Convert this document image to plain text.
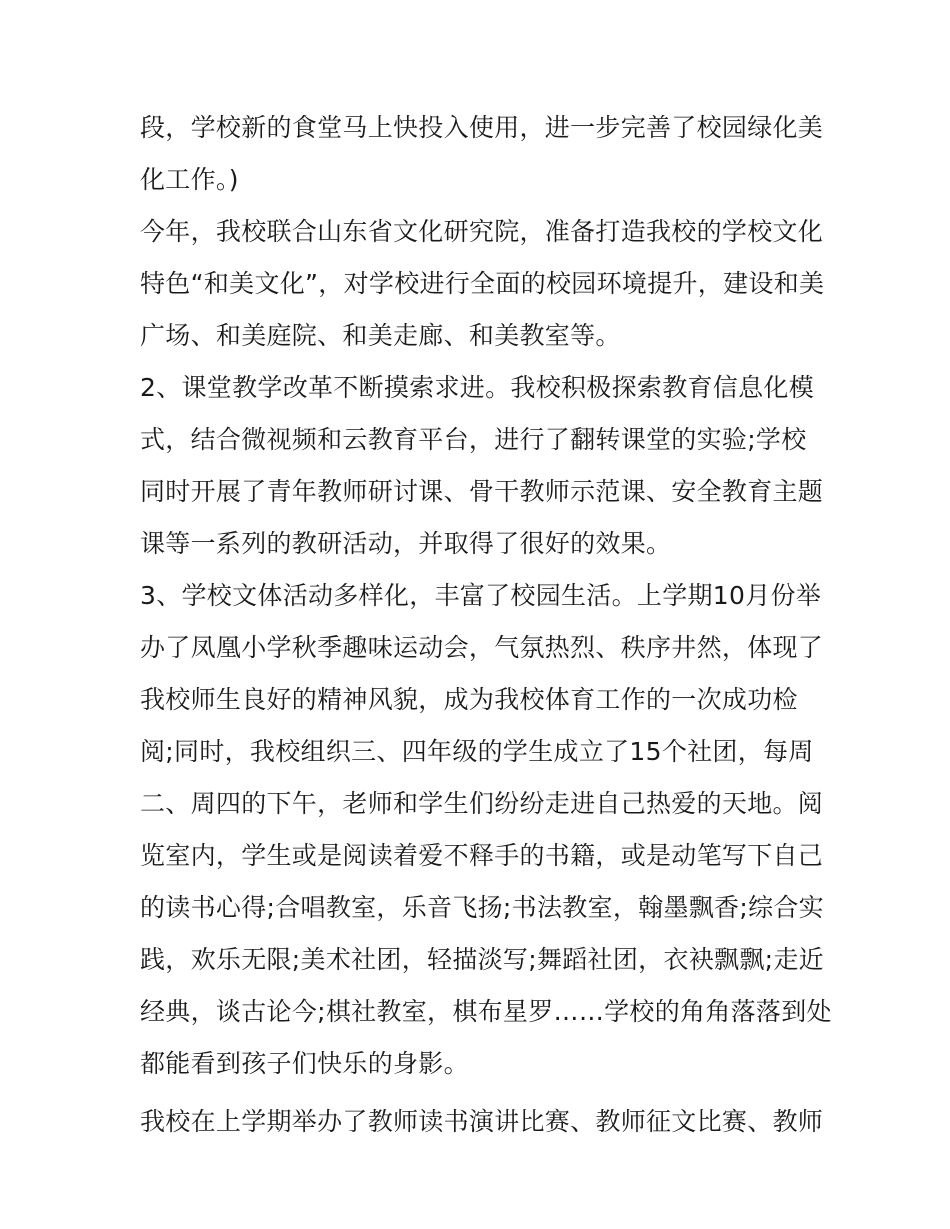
段，学校新的食堂马上快投入使用，进一步完善了校园绿化美
化工作。)
今年，我校联合山东省文化研究院，准备打造我校的学校文化
特色“和美文化”，对学校进行全面的校园环境提升，建设和美
广场、和美庭院、和美走廊、和美教室等。
2、课堂教学改革不断摸索求进。我校积极探索教育信息化模
式，结合微视频和云教育平台，进行了翻转课堂的实验;学校
同时开展了青年教师研讨课、骨干教师示范课、安全教育主题
课等一系列的教研活动，并取得了很好的效果。
3、学校文体活动多样化，丰富了校园生活。上学期10月份举
办了凤凰小学秋季趣味运动会，气氛热烈、秩序井然，体现了
我校师生良好的精神风貌，成为我校体育工作的一次成功检
阅;同时，我校组织三、四年级的学生成立了15个社团，每周
二、周四的下午，老师和学生们纷纷走进自己热爱的天地。阅
览室内，学生或是阅读着爱不释手的书籍，或是动笔写下自己
的读书心得;合唱教室，乐音飞扬;书法教室，翰墨飘香;综合实
践，欢乐无限;美术社团，轻描淡写;舞蹈社团，衣袂飘飘;走近
经典，谈古论今;棋社教室，棋布星罗……学校的角角落落到处
都能看到孩子们快乐的身影。
我校在上学期举办了教师读书演讲比赛、教师征文比赛、教师
